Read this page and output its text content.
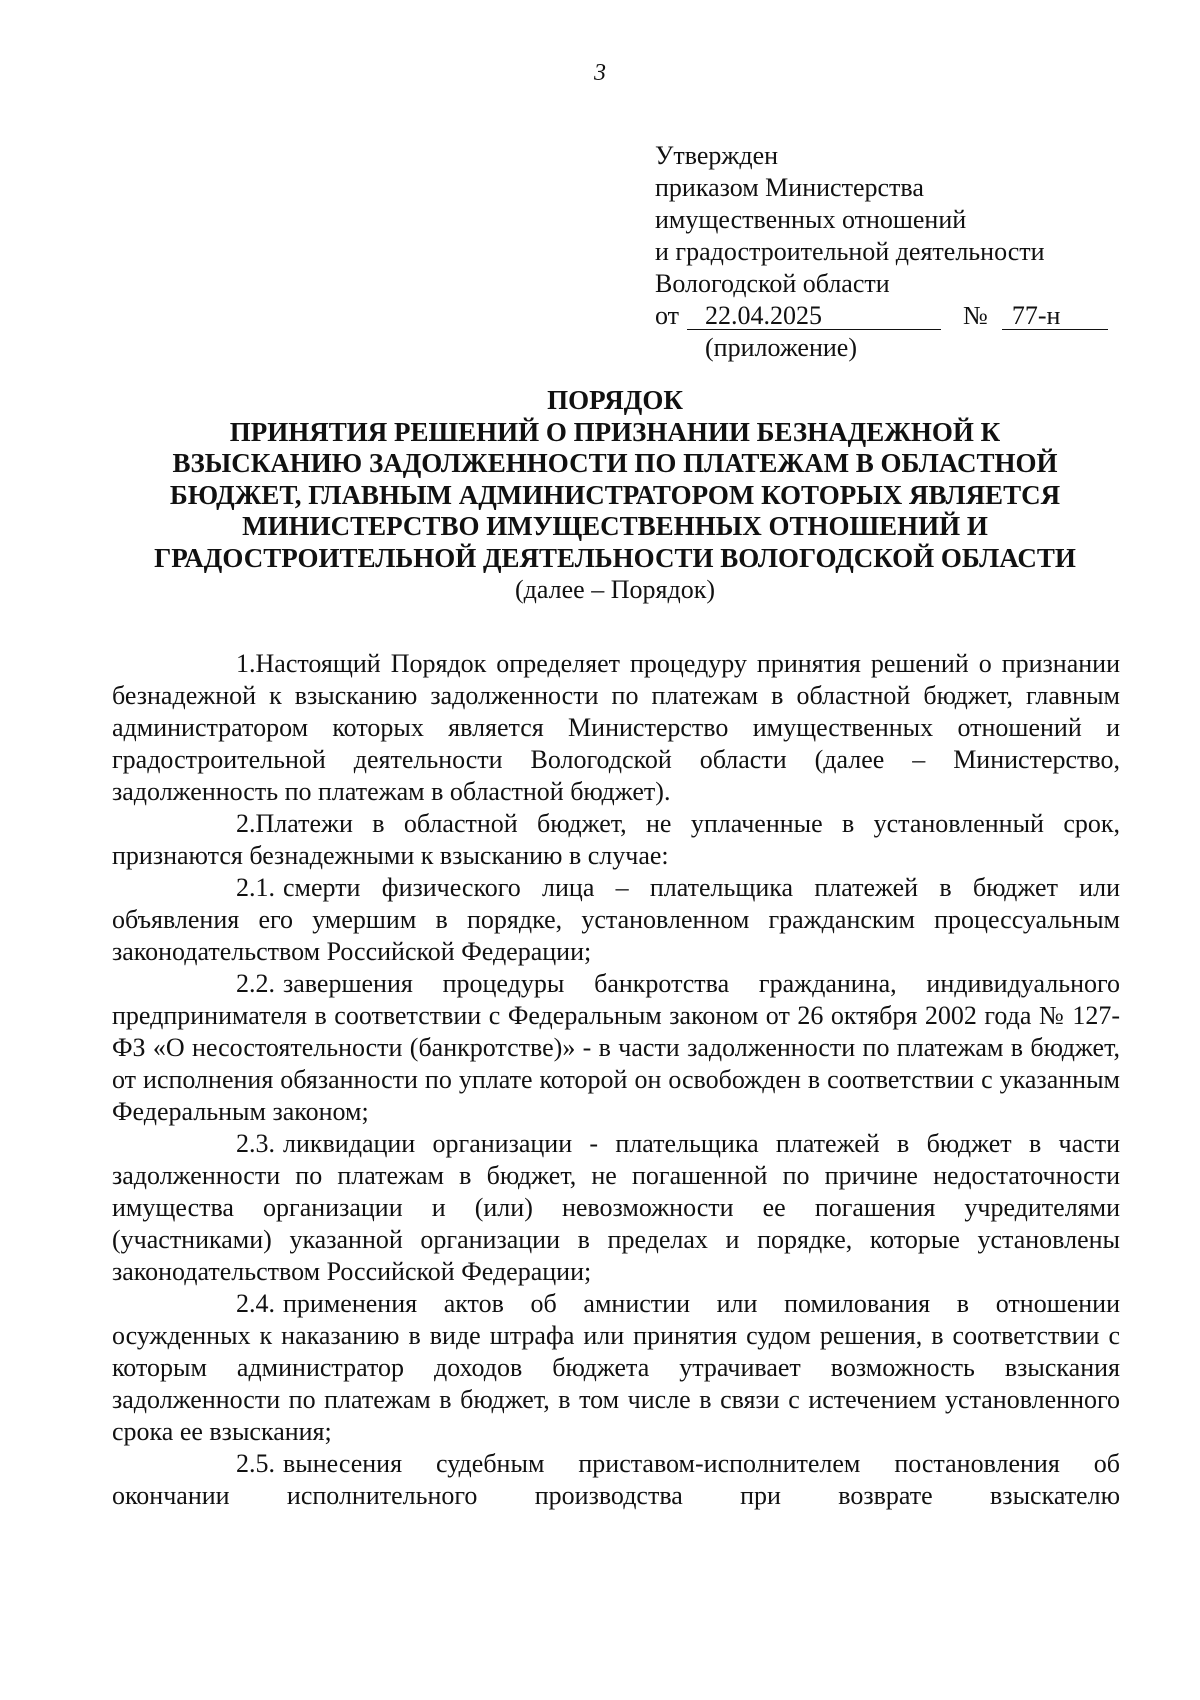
3
Утвержден
приказом Министерства
имущественных отношений
и градостроительной деятельности
Вологодской области
от	22.04.2025	№ 77-н
(приложение)
ПОРЯДОК
ПРИНЯТИЯ РЕШЕНИЙ О ПРИЗНАНИИ БЕЗНАДЕЖНОЙ К
ВЗЫСКАНИЮ ЗАДОЛЖЕННОСТИ ПО ПЛАТЕЖАМ В ОБЛАСТНОЙ
БЮДЖЕТ, ГЛАВНЫМ АДМИНИСТРАТОРОМ КОТОРЫХ ЯВЛЯЕТСЯ
МИНИСТЕРСТВО ИМУЩЕСТВЕННЫХ ОТНОШЕНИЙ И
ГРАДОСТРОИТЕЛЬНОЙ ДЕЯТЕЛЬНОСТИ ВОЛОГОДСКОЙ ОБЛАСТИ
(далее – Порядок)

1.Настоящий Порядок определяет процедуру принятия решений о признании безнадежной к взысканию задолженности по платежам в областной бюджет, главным администратором которых является Министерство имущественных отношений и градостроительной деятельности Вологодской области (далее – Министерство, задолженность по платежам в областной бюджет).

2.Платежи в областной бюджет, не уплаченные в установленный срок, признаются безнадежными к взысканию в случае:

2.1. смерти физического лица – плательщика платежей в бюджет или объявления его умершим в порядке, установленном гражданским процессуальным законодательством Российской Федерации;

2.2. завершения процедуры банкротства гражданина, индивидуального предпринимателя в соответствии с Федеральным законом от 26 октября 2002 года № 127-ФЗ «О несостоятельности (банкротстве)» - в части задолженности по платежам в бюджет, от исполнения обязанности по уплате которой он освобожден в соответствии с указанным Федеральным законом;

2.3. ликвидации организации - плательщика платежей в бюджет в части задолженности по платежам в бюджет, не погашенной по причине недостаточности имущества организации и (или) невозможности ее погашения учредителями (участниками) указанной организации в пределах и порядке, которые установлены законодательством Российской Федерации;

2.4. применения актов об амнистии или помилования в отношении осужденных к наказанию в виде штрафа или принятия судом решения, в соответствии с которым администратор доходов бюджета утрачивает возможность взыскания задолженности по платежам в бюджет, в том числе в связи с истечением установленного срока ее взыскания;

2.5. вынесения судебным приставом-исполнителем постановления об окончании исполнительного производства при возврате взыскателю
